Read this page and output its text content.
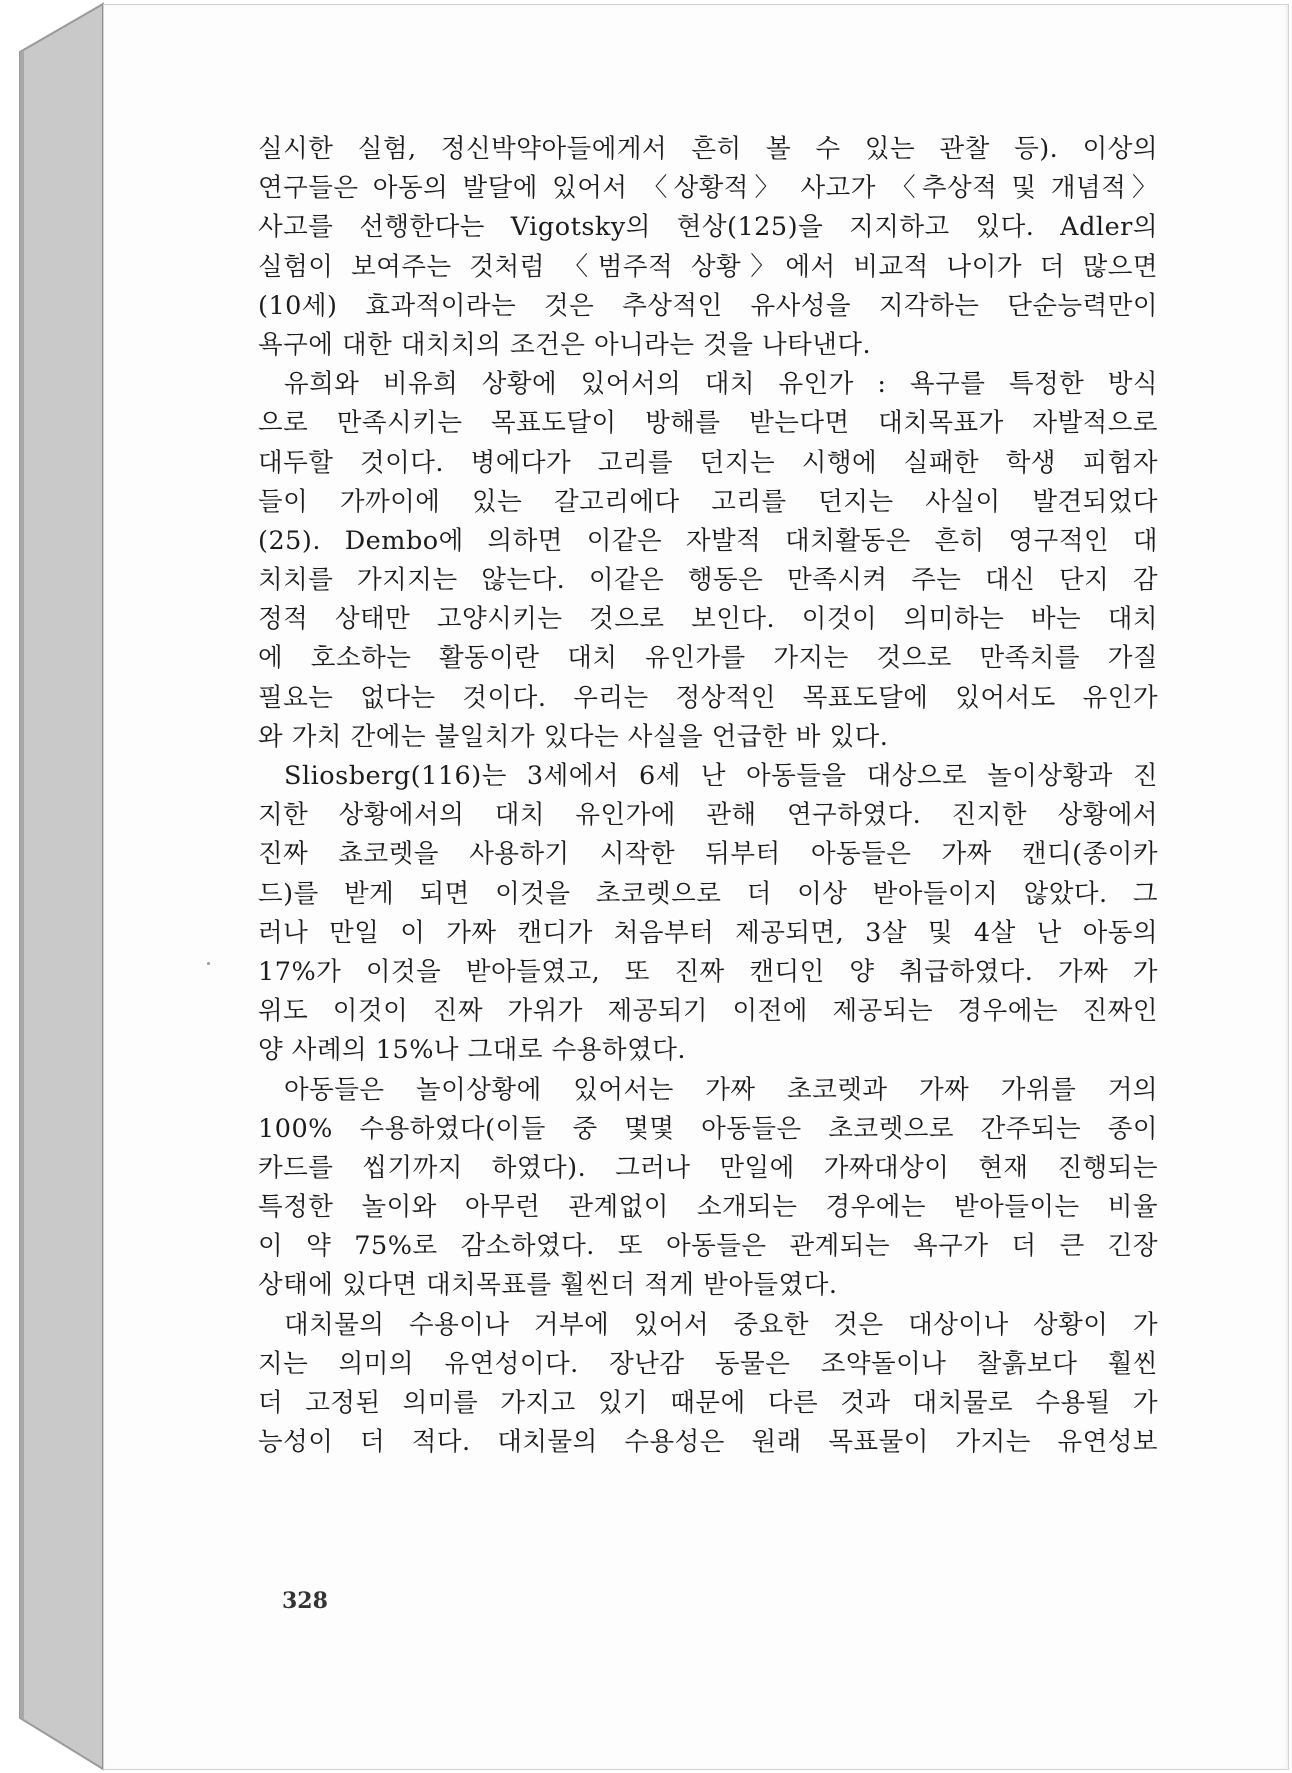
실시한 실험, 정신박약아들에게서 흔히 볼 수 있는 관찰 등). 이상의
연구들은 아동의 발달에 있어서 〈상황적〉 사고가 〈추상적 및 개념적〉
사고를 선행한다는 Vigotsky의 현상(125)을 지지하고 있다. Adler의
실험이 보여주는 것처럼 〈범주적 상황〉에서 비교적 나이가 더 많으면
(10세) 효과적이라는 것은 추상적인 유사성을 지각하는 단순능력만이
욕구에 대한 대치치의 조건은 아니라는 것을 나타낸다.
유희와 비유희 상황에 있어서의 대치 유인가 : 욕구를 특정한 방식
으로 만족시키는 목표도달이 방해를 받는다면 대치목표가 자발적으로
대두할 것이다. 병에다가 고리를 던지는 시행에 실패한 학생 피험자
들이 가까이에 있는 갈고리에다 고리를 던지는 사실이 발견되었다
(25). Dembo에 의하면 이같은 자발적 대치활동은 흔히 영구적인 대
치치를 가지지는 않는다. 이같은 행동은 만족시켜 주는 대신 단지 감
정적 상태만 고양시키는 것으로 보인다. 이것이 의미하는 바는 대치
에 호소하는 활동이란 대치 유인가를 가지는 것으로 만족치를 가질
필요는 없다는 것이다. 우리는 정상적인 목표도달에 있어서도 유인가
와 가치 간에는 불일치가 있다는 사실을 언급한 바 있다.
Sliosberg(116)는 3세에서 6세 난 아동들을 대상으로 놀이상황과 진
지한 상황에서의 대치 유인가에 관해 연구하였다. 진지한 상황에서
진짜 쵸코렛을 사용하기 시작한 뒤부터 아동들은 가짜 캔디(종이카
드)를 받게 되면 이것을 초코렛으로 더 이상 받아들이지 않았다. 그
러나 만일 이 가짜 캔디가 처음부터 제공되면, 3살 및 4살 난 아동의
17%가 이것을 받아들였고, 또 진짜 캔디인 양 취급하였다. 가짜 가
위도 이것이 진짜 가위가 제공되기 이전에 제공되는 경우에는 진짜인
양 사례의 15%나 그대로 수용하였다.
아동들은 놀이상황에 있어서는 가짜 초코렛과 가짜 가위를 거의
100% 수용하였다(이들 중 몇몇 아동들은 초코렛으로 간주되는 종이
카드를 씹기까지 하였다). 그러나 만일에 가짜대상이 현재 진행되는
특정한 놀이와 아무런 관계없이 소개되는 경우에는 받아들이는 비율
이 약 75%로 감소하였다. 또 아동들은 관계되는 욕구가 더 큰 긴장
상태에 있다면 대치목표를 훨씬더 적게 받아들였다.
대치물의 수용이나 거부에 있어서 중요한 것은 대상이나 상황이 가
지는 의미의 유연성이다. 장난감 동물은 조약돌이나 찰흙보다 훨씬
더 고정된 의미를 가지고 있기 때문에 다른 것과 대치물로 수용될 가
능성이 더 적다. 대치물의 수용성은 원래 목표물이 가지는 유연성보
328
